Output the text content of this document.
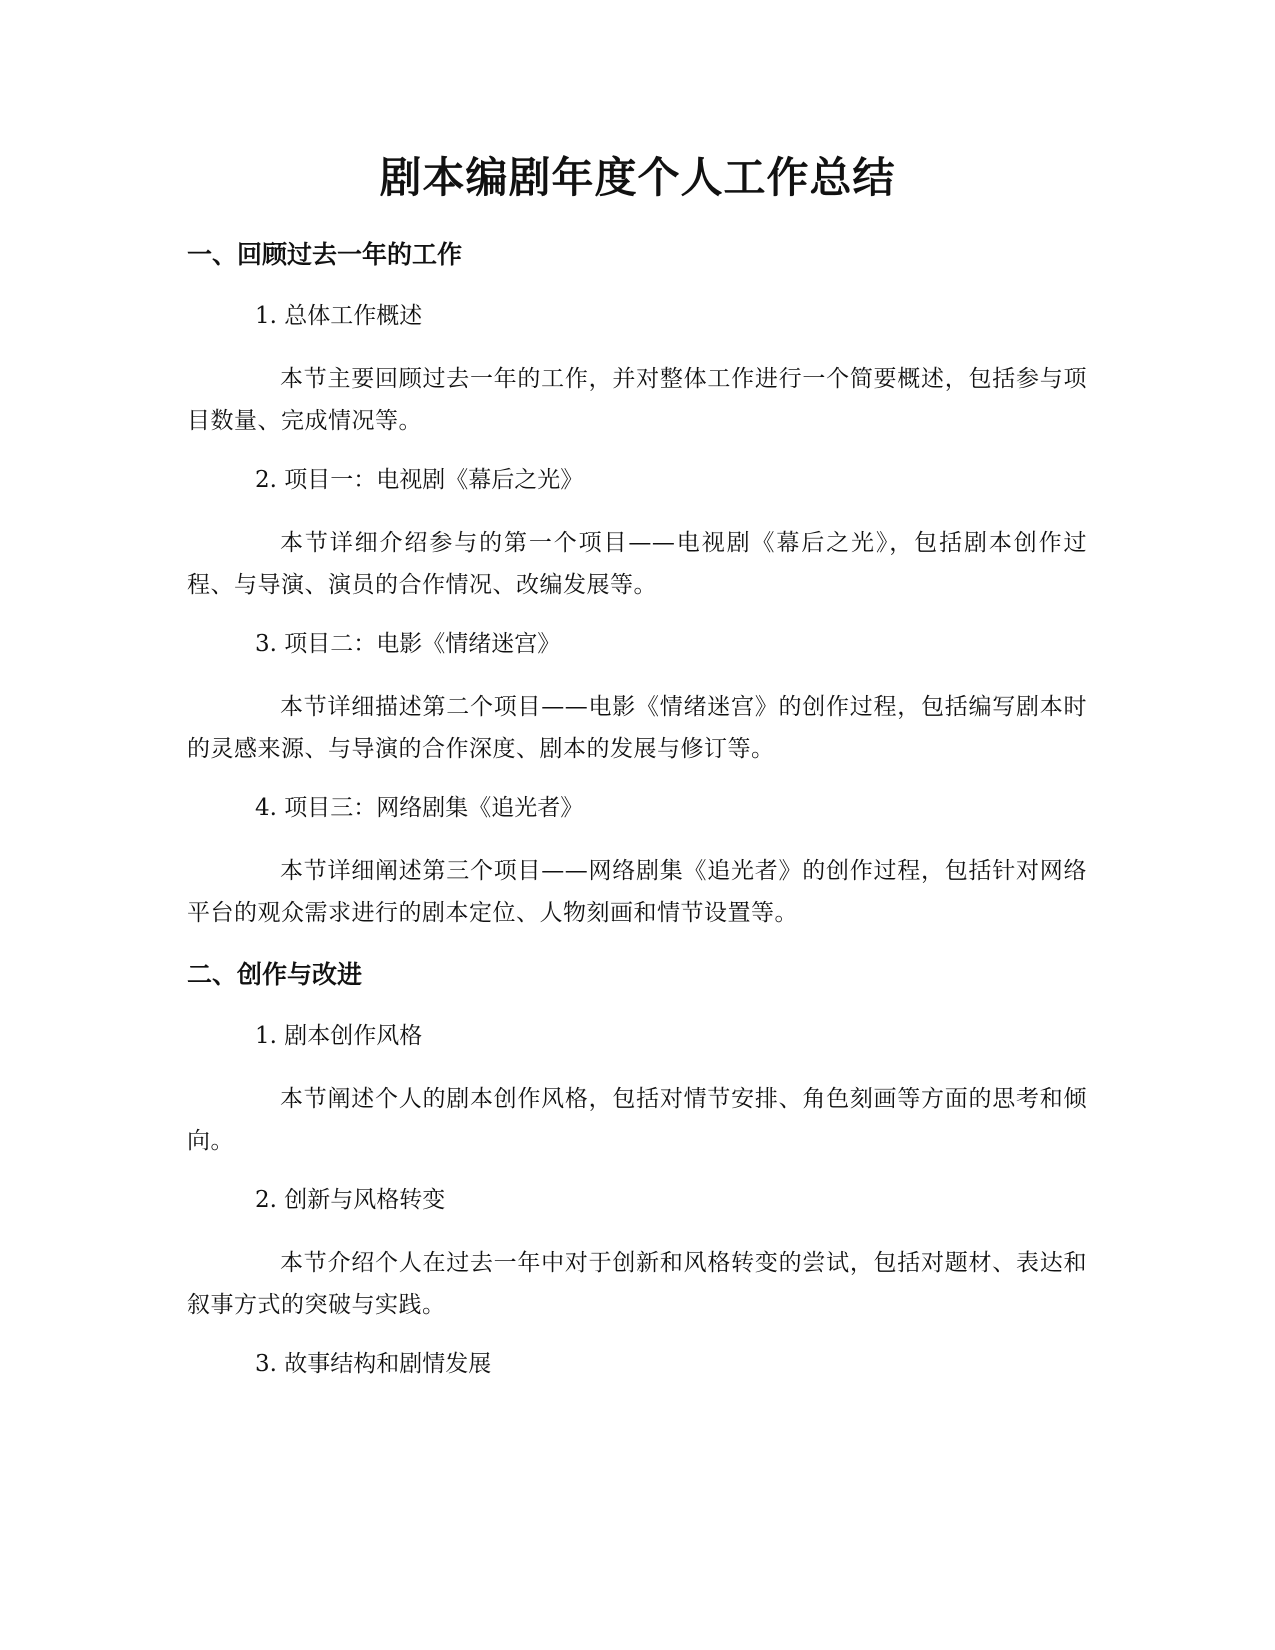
剧本编剧年度个人工作总结
一、回顾过去一年的工作
1. 总体工作概述

本节主要回顾过去一年的工作，并对整体工作进行一个简要概述，包括参与项目数量、完成情况等。

2. 项目一：电视剧《幕后之光》

本节详细介绍参与的第一个项目——电视剧《幕后之光》，包括剧本创作过程、与导演、演员的合作情况、改编发展等。

3. 项目二：电影《情绪迷宫》

本节详细描述第二个项目——电影《情绪迷宫》的创作过程，包括编写剧本时的灵感来源、与导演的合作深度、剧本的发展与修订等。

4. 项目三：网络剧集《追光者》

本节详细阐述第三个项目——网络剧集《追光者》的创作过程，包括针对网络平台的观众需求进行的剧本定位、人物刻画和情节设置等。

二、创作与改进
1. 剧本创作风格

本节阐述个人的剧本创作风格，包括对情节安排、角色刻画等方面的思考和倾向。

2. 创新与风格转变

本节介绍个人在过去一年中对于创新和风格转变的尝试，包括对题材、表达和叙事方式的突破与实践。

3. 故事结构和剧情发展
